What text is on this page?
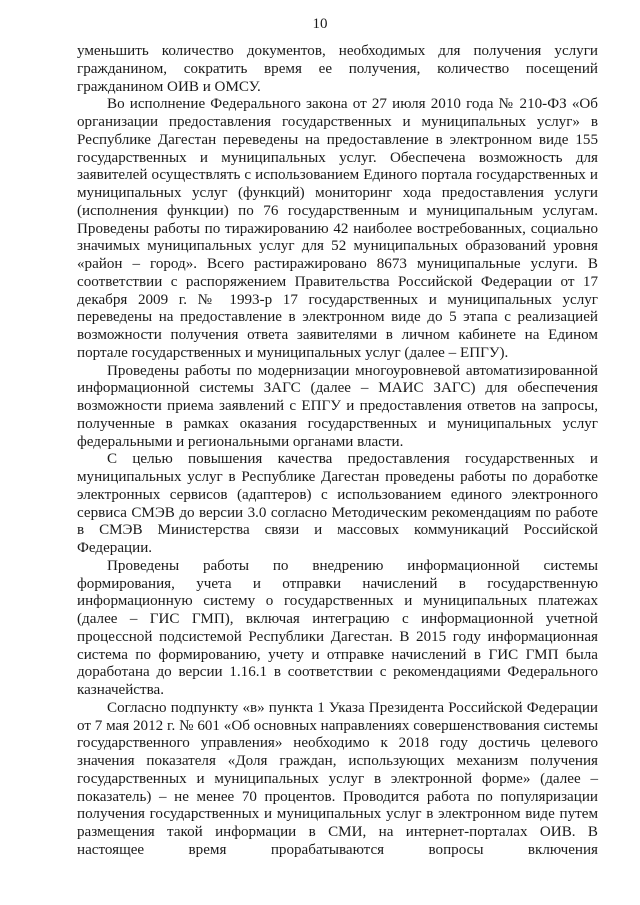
10

уменьшить количество документов, необходимых для получения услуги гражданином, сократить время ее получения, количество посещений гражданином ОИВ и ОМСУ.

Во исполнение Федерального закона от 27 июля 2010 года № 210-ФЗ «Об организации предоставления государственных и муниципальных услуг» в Республике Дагестан переведены на предоставление в электронном виде 155 государственных и муниципальных услуг. Обеспечена возможность для заявителей осуществлять с использованием Единого портала государственных и муниципальных услуг (функций) мониторинг хода предоставления услуги (исполнения функции) по 76 государственным и муниципальным услугам. Проведены работы по тиражированию 42 наиболее востребованных, социально значимых муниципальных услуг для 52 муниципальных образований уровня «район – город». Всего растиражировано 8673 муниципальные услуги. В соответствии с распоряжением Правительства Российской Федерации от 17 декабря 2009 г. № 1993-р 17 государственных и муниципальных услуг переведены на предоставление в электронном виде до 5 этапа с реализацией возможности получения ответа заявителями в личном кабинете на Едином портале государственных и муниципальных услуг (далее – ЕПГУ).

Проведены работы по модернизации многоуровневой автоматизированной информационной системы ЗАГС (далее – МАИС ЗАГС) для обеспечения возможности приема заявлений с ЕПГУ и предоставления ответов на запросы, полученные в рамках оказания государственных и муниципальных услуг федеральными и региональными органами власти.

С целью повышения качества предоставления государственных и муниципальных услуг в Республике Дагестан проведены работы по доработке электронных сервисов (адаптеров) с использованием единого электронного сервиса СМЭВ до версии 3.0 согласно Методическим рекомендациям по работе в СМЭВ Министерства связи и массовых коммуникаций Российской Федерации.

Проведены работы по внедрению информационной системы формирования, учета и отправки начислений в государственную информационную систему о государственных и муниципальных платежах (далее – ГИС ГМП), включая интеграцию с информационной учетной процессной подсистемой Республики Дагестан. В 2015 году информационная система по формированию, учету и отправке начислений в ГИС ГМП была доработана до версии 1.16.1 в соответствии с рекомендациями Федерального казначейства.

Согласно подпункту «в» пункта 1 Указа Президента Российской Федерации от 7 мая 2012 г. № 601 «Об основных направлениях совершенствования системы государственного управления» необходимо к 2018 году достичь целевого значения показателя «Доля граждан, использующих механизм получения государственных и муниципальных услуг в электронной форме» (далее – показатель) – не менее 70 процентов. Проводится работа по популяризации получения государственных и муниципальных услуг в электронном виде путем размещения такой информации в СМИ, на интернет-порталах ОИВ. В настоящее время прорабатываются вопросы включения
